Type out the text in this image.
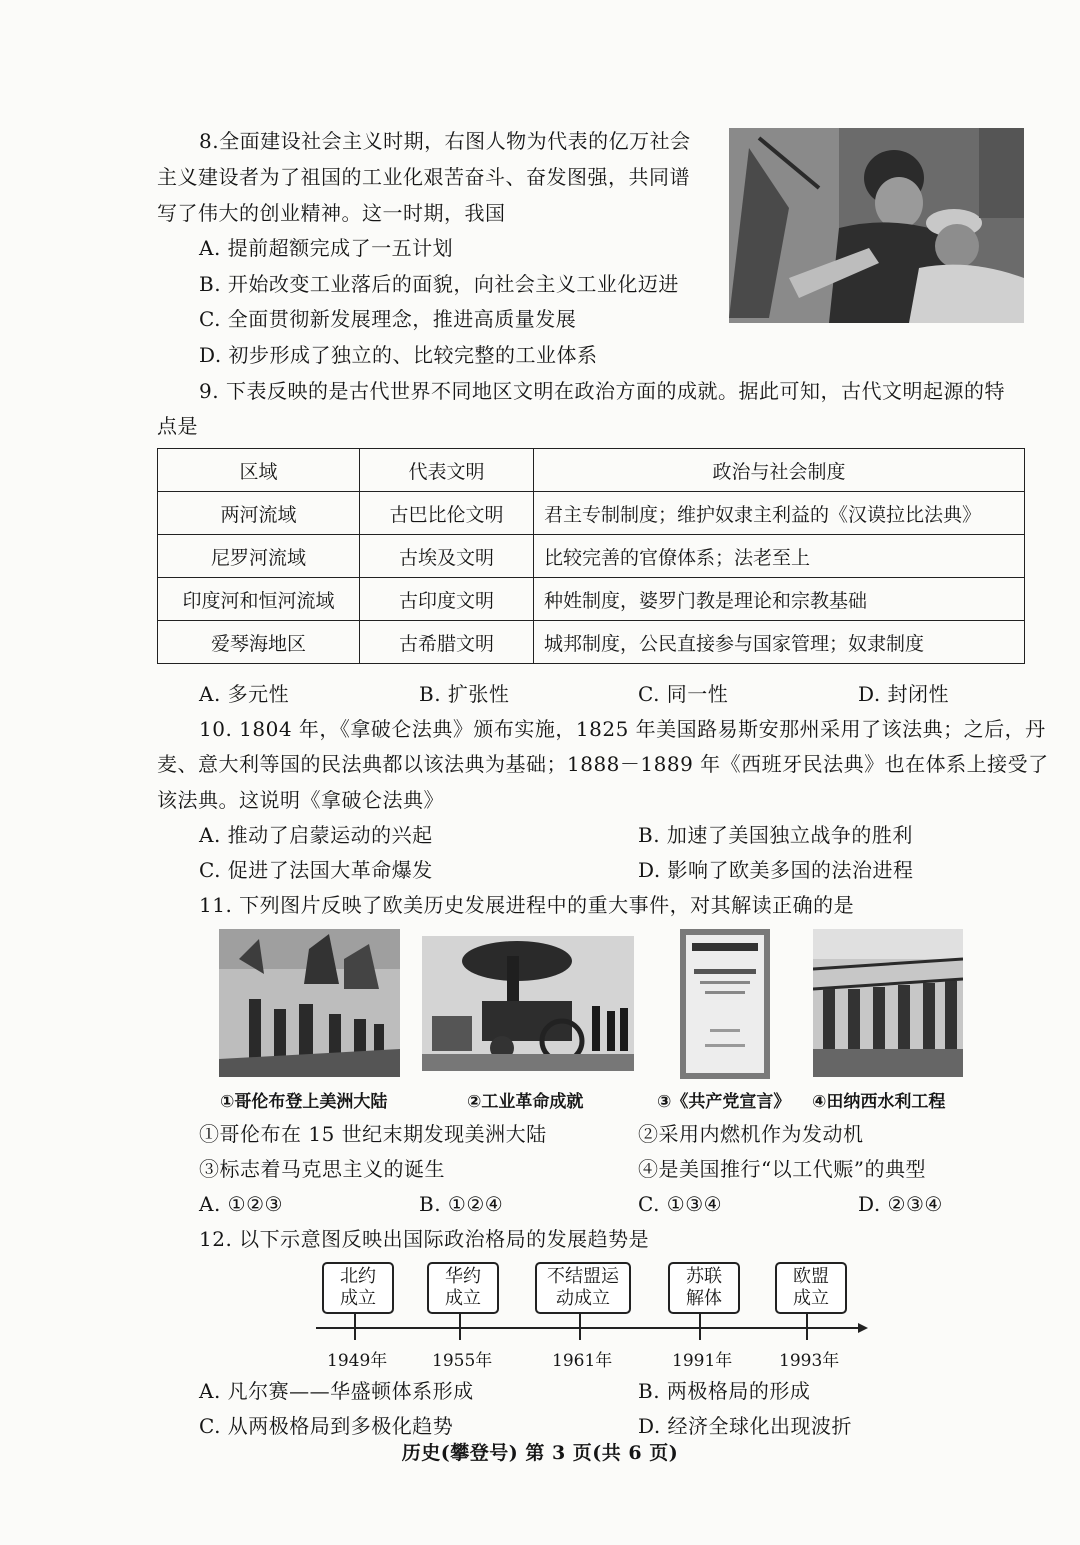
8.全面建设社会主义时期，右图人物为代表的亿万社会
主义建设者为了祖国的工业化艰苦奋斗、奋发图强，共同谱
写了伟大的创业精神。这一时期，我国
A. 提前超额完成了一五计划
B. 开始改变工业落后的面貌，向社会主义工业化迈进
C. 全面贯彻新发展理念，推进高质量发展
D. 初步形成了独立的、比较完整的工业体系
9. 下表反映的是古代世界不同地区文明在政治方面的成就。据此可知，古代文明起源的特
点是
区域	代表文明	政治与社会制度
两河流域	古巴比伦文明	君主专制制度；维护奴隶主利益的《汉谟拉比法典》
尼罗河流域	古埃及文明	比较完善的官僚体系；法老至上
印度河和恒河流域	古印度文明	种姓制度，婆罗门教是理论和宗教基础
爱琴海地区	古希腊文明	城邦制度，公民直接参与国家管理；奴隶制度
A. 多元性	B. 扩张性	C. 同一性	D. 封闭性
10. 1804 年，《拿破仑法典》颁布实施，1825 年美国路易斯安那州采用了该法典；之后，丹
麦、意大利等国的民法典都以该法典为基础；1888－1889 年《西班牙民法典》也在体系上接受了
该法典。这说明《拿破仑法典》
A. 推动了启蒙运动的兴起	B. 加速了美国独立战争的胜利
C. 促进了法国大革命爆发	D. 影响了欧美多国的法治进程
11. 下列图片反映了欧美历史发展进程中的重大事件，对其解读正确的是
①哥伦布登上美洲大陆	②工业革命成就	③《共产党宣言》 ④田纳西水利工程
①哥伦布在 15 世纪末期发现美洲大陆	②采用内燃机作为发动机
③标志着马克思主义的诞生	④是美国推行“以工代赈”的典型
A. ①②③	B. ①②④	C. ①③④	D. ②③④
12. 以下示意图反映出国际政治格局的发展趋势是
北约
成立
华约
成立
不结盟运
动成立
苏联
解体
欧盟
成立
1949年	1955年	1961年	1991年	1993年
A. 凡尔赛——华盛顿体系形成	B. 两极格局的形成
C. 从两极格局到多极化趋势	D. 经济全球化出现波折
历史(攀登号) 第 3 页(共 6 页)
